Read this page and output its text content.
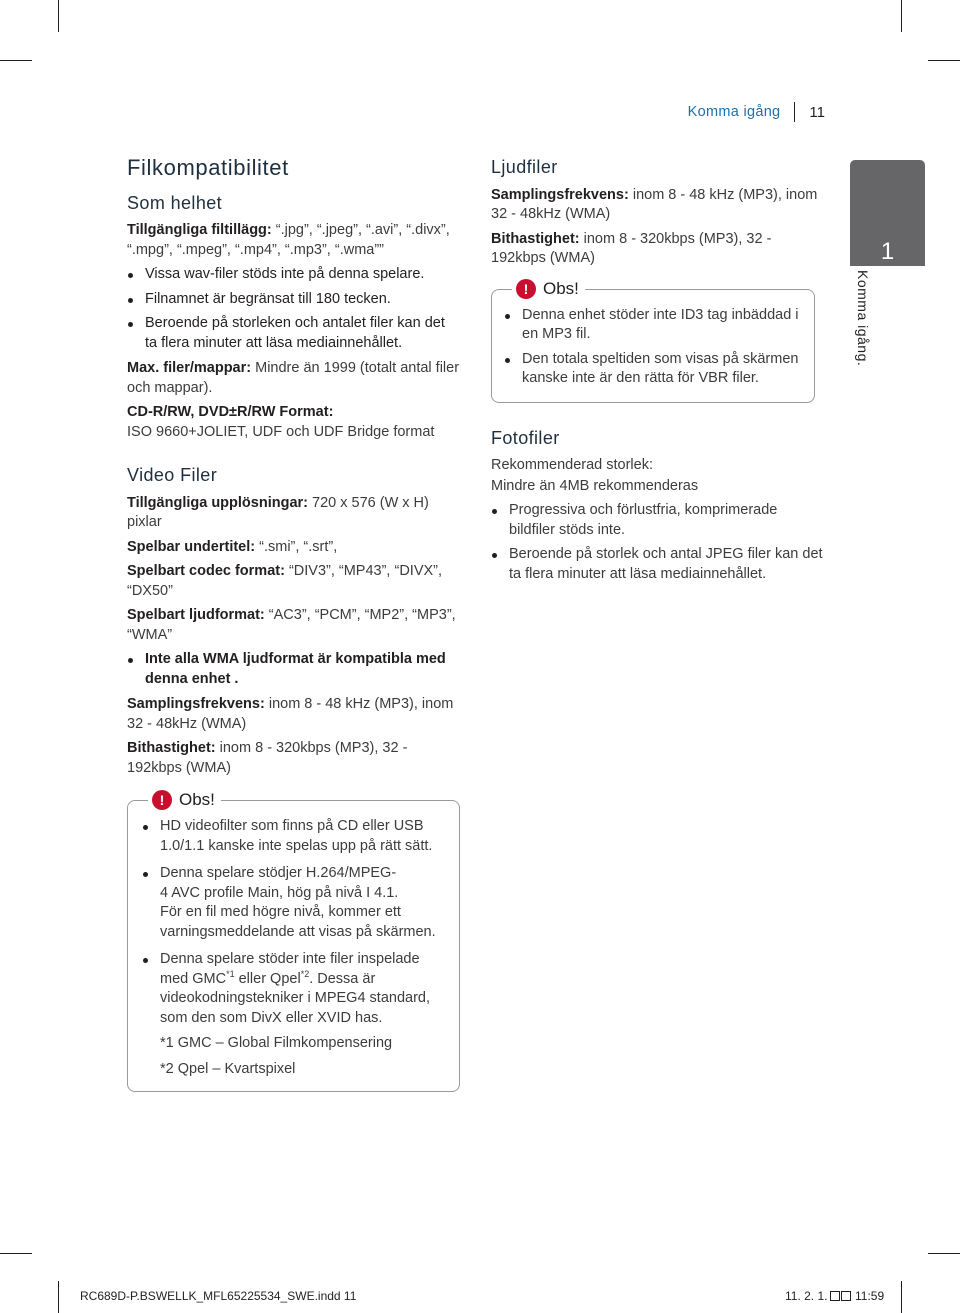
Komma igång 11
Filkompatibilitet
Som helhet

Tillgängliga filtillägg: “.jpg”, “.jpeg”, “.avi”, “.divx”, “.mpg”, “.mpeg”, “.mp4”, “.mp3”, “.wma””

Vissa wav-filer stöds inte på denna spelare.
Filnamnet är begränsat till 180 tecken.
Beroende på storleken och antalet filer kan det ta flera minuter att läsa mediainnehållet.

Max. filer/mappar: Mindre än 1999 (totalt antal filer och mappar).

CD-R/RW, DVD±R/RW Format:

ISO 9660+JOLIET, UDF och UDF Bridge format

Video Filer

Tillgängliga upplösningar: 720 x 576 (W x H) pixlar

Spelbar undertitel: “.smi”, “.srt”,

Spelbart codec format: “DIV3”, “MP43”, “DIVX”, “DX50”

Spelbart ljudformat: “AC3”, “PCM”, “MP2”, “MP3”, “WMA”

Inte alla WMA ljudformat är kompatibla med denna enhet .

Samplingsfrekvens: inom 8 - 48 kHz (MP3), inom 32 - 48kHz (WMA)

Bithastighet: inom 8 - 320kbps (MP3), 32 - 192kbps (WMA)

! Obs!
HD videofilter som finns på CD eller USB 1.0/1.1 kanske inte spelas upp på rätt sätt.
Denna spelare stödjer H.264/MPEG-
4 AVC profile Main, hög på nivå I 4.1.
För en fil med högre nivå, kommer ett varningsmeddelande att visas på skärmen.
Denna spelare stöder inte filer inspelade med GMC$^{*1}$ eller Qpel$^{*2}$. Dessa är videokodningstekniker i MPEG4 standard, som den som DivX eller XVID has.

*1 GMC – Global Filmkompensering

*2 Qpel – Kvartspixel

Ljudfiler

Samplingsfrekvens: inom 8 - 48 kHz (MP3), inom 32 - 48kHz (WMA)

Bithastighet: inom 8 - 320kbps (MP3), 32 - 192kbps (WMA)

! Obs!
Denna enhet stöder inte ID3 tag inbäddad i en MP3 fil.
Den totala speltiden som visas på skärmen kanske inte är den rätta för VBR filer.
Fotofiler

Rekommenderad storlek:

Mindre än 4MB rekommenderas

Progressiva och förlustfria, komprimerade bildfiler stöds inte.
Beroende på storlek och antal JPEG filer kan det ta flera minuter att läsa mediainnehållet.
1
Komma igång.
RC689D-P.BSWELLK_MFL65225534_SWE.indd 11	11. 2. 1. 11:59
